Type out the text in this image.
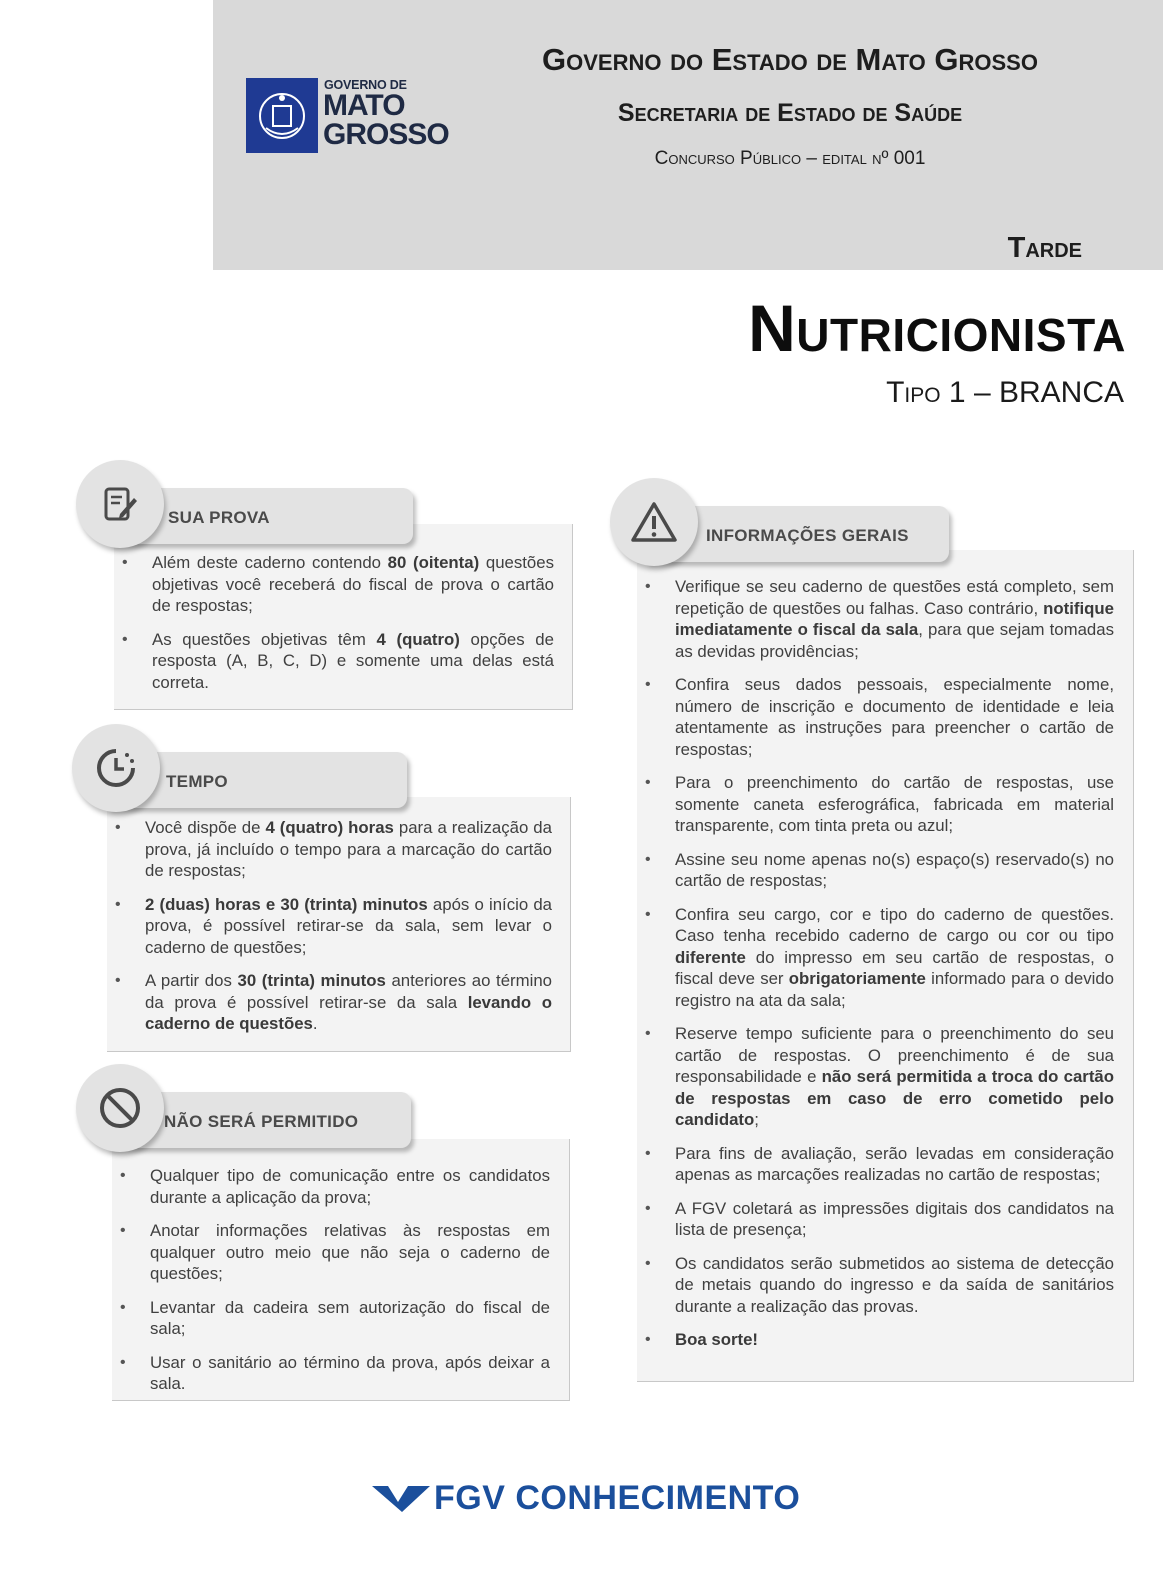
GOVERNO DE
MATO
GROSSO
Governo do Estado de Mato Grosso
Secretaria de Estado de Saúde
Concurso Público – edital nº 001
Tarde
Nutricionista
Tipo 1 – BRANCA
• Além deste caderno contendo 80 (oitenta) questões objetivas você receberá do fiscal de prova o cartão de respostas;
• As questões objetivas têm 4 (quatro) opções de resposta (A, B, C, D) e somente uma delas está correta.
SUA PROVA
• Você dispõe de 4 (quatro) horas para a realização da prova, já incluído o tempo para a marcação do cartão de respostas;
• 2 (duas) horas e 30 (trinta) minutos após o início da prova, é possível retirar-se da sala, sem levar o caderno de questões;
• A partir dos 30 (trinta) minutos anteriores ao término da prova é possível retirar-se da sala levando o caderno de questões.
TEMPO
• Qualquer tipo de comunicação entre os candidatos durante a aplicação da prova;
• Anotar informações relativas às respostas em qualquer outro meio que não seja o caderno de questões;
• Levantar da cadeira sem autorização do fiscal de sala;
• Usar o sanitário ao término da prova, após deixar a sala.
NÃO SERÁ PERMITIDO
• Verifique se seu caderno de questões está completo, sem repetição de questões ou falhas. Caso contrário, notifique imediatamente o fiscal da sala, para que sejam tomadas as devidas providências;
• Confira seus dados pessoais, especialmente nome, número de inscrição e documento de identidade e leia atentamente as instruções para preencher o cartão de respostas;
• Para o preenchimento do cartão de respostas, use somente caneta esferográfica, fabricada em material transparente, com tinta preta ou azul;
• Assine seu nome apenas no(s) espaço(s) reservado(s) no cartão de respostas;
• Confira seu cargo, cor e tipo do caderno de questões. Caso tenha recebido caderno de cargo ou cor ou tipo diferente do impresso em seu cartão de respostas, o fiscal deve ser obrigatoriamente informado para o devido registro na ata da sala;
• Reserve tempo suficiente para o preenchimento do seu cartão de respostas. O preenchimento é de sua responsabilidade e não será permitida a troca do cartão de respostas em caso de erro cometido pelo candidato;
• Para fins de avaliação, serão levadas em consideração apenas as marcações realizadas no cartão de respostas;
• A FGV coletará as impressões digitais dos candidatos na lista de presença;
• Os candidatos serão submetidos ao sistema de detecção de metais quando do ingresso e da saída de sanitários durante a realização das provas.
• Boa sorte!
INFORMAÇÕES GERAIS
FGV CONHECIMENTO
